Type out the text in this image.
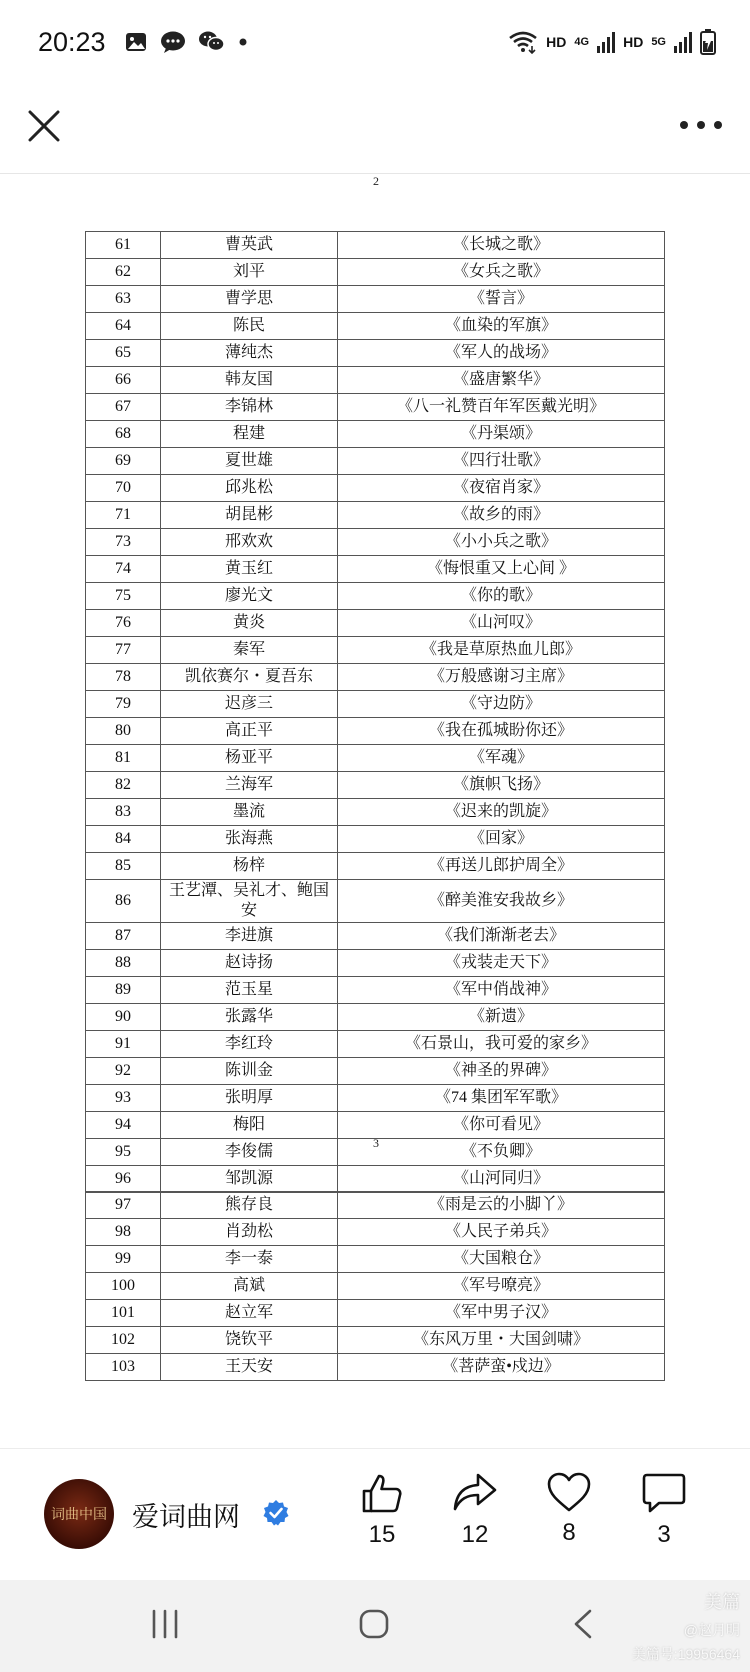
20:23	HD 4G HD 5G
2
61	曹英武	《长城之歌》
62	刘平	《女兵之歌》
63	曹学思	《誓言》
64	陈民	《血染的军旗》
65	薄纯杰	《军人的战场》
66	韩友国	《盛唐繁华》
67	李锦林	《八一礼赞百年军医戴光明》
68	程建	《丹渠颂》
69	夏世雄	《四行壮歌》
70	邱兆松	《夜宿肖家》
71	胡昆彬	《故乡的雨》
73	邢欢欢	《小小兵之歌》
74	黄玉红	《悔恨重又上心间 》
75	廖光文	《你的歌》
76	黄炎	《山河叹》
77	秦军	《我是草原热血儿郎》
78	凯依赛尔・夏吾东	《万般感谢习主席》
79	迟彦三	《守边防》
80	高正平	《我在孤城盼你还》
81	杨亚平	《军魂》
82	兰海军	《旗帜飞扬》
83	墨流	《迟来的凯旋》
84	张海燕	《回家》
85	杨梓	《再送儿郎护周全》
86	王艺潭、吴礼才、鲍国安	《醉美淮安我故乡》
87	李进旗	《我们渐渐老去》
88	赵诗扬	《戎装走天下》
89	范玉星	《军中俏战神》
90	张露华	《新遗》
91	李红玲	《石景山，我可爱的家乡》
92	陈训金	《神圣的界碑》
93	张明厚	《74 集团军军歌》
94	梅阳	《你可看见》
95	李俊儒	《不负卿》
96	邹凯源	《山河同归》
3
97	熊存良	《雨是云的小脚丫》
98	肖劲松	《人民子弟兵》
99	李一泰	《大国粮仓》
100	高斌	《军号嘹亮》
101	赵立军	《军中男子汉》
102	饶钦平	《东风万里・大国剑啸》
103	王天安	《菩萨蛮•戍边》
词曲中国 爱词曲网
15	12	8	3
美篇
@赵月明
美篇号:19956464
